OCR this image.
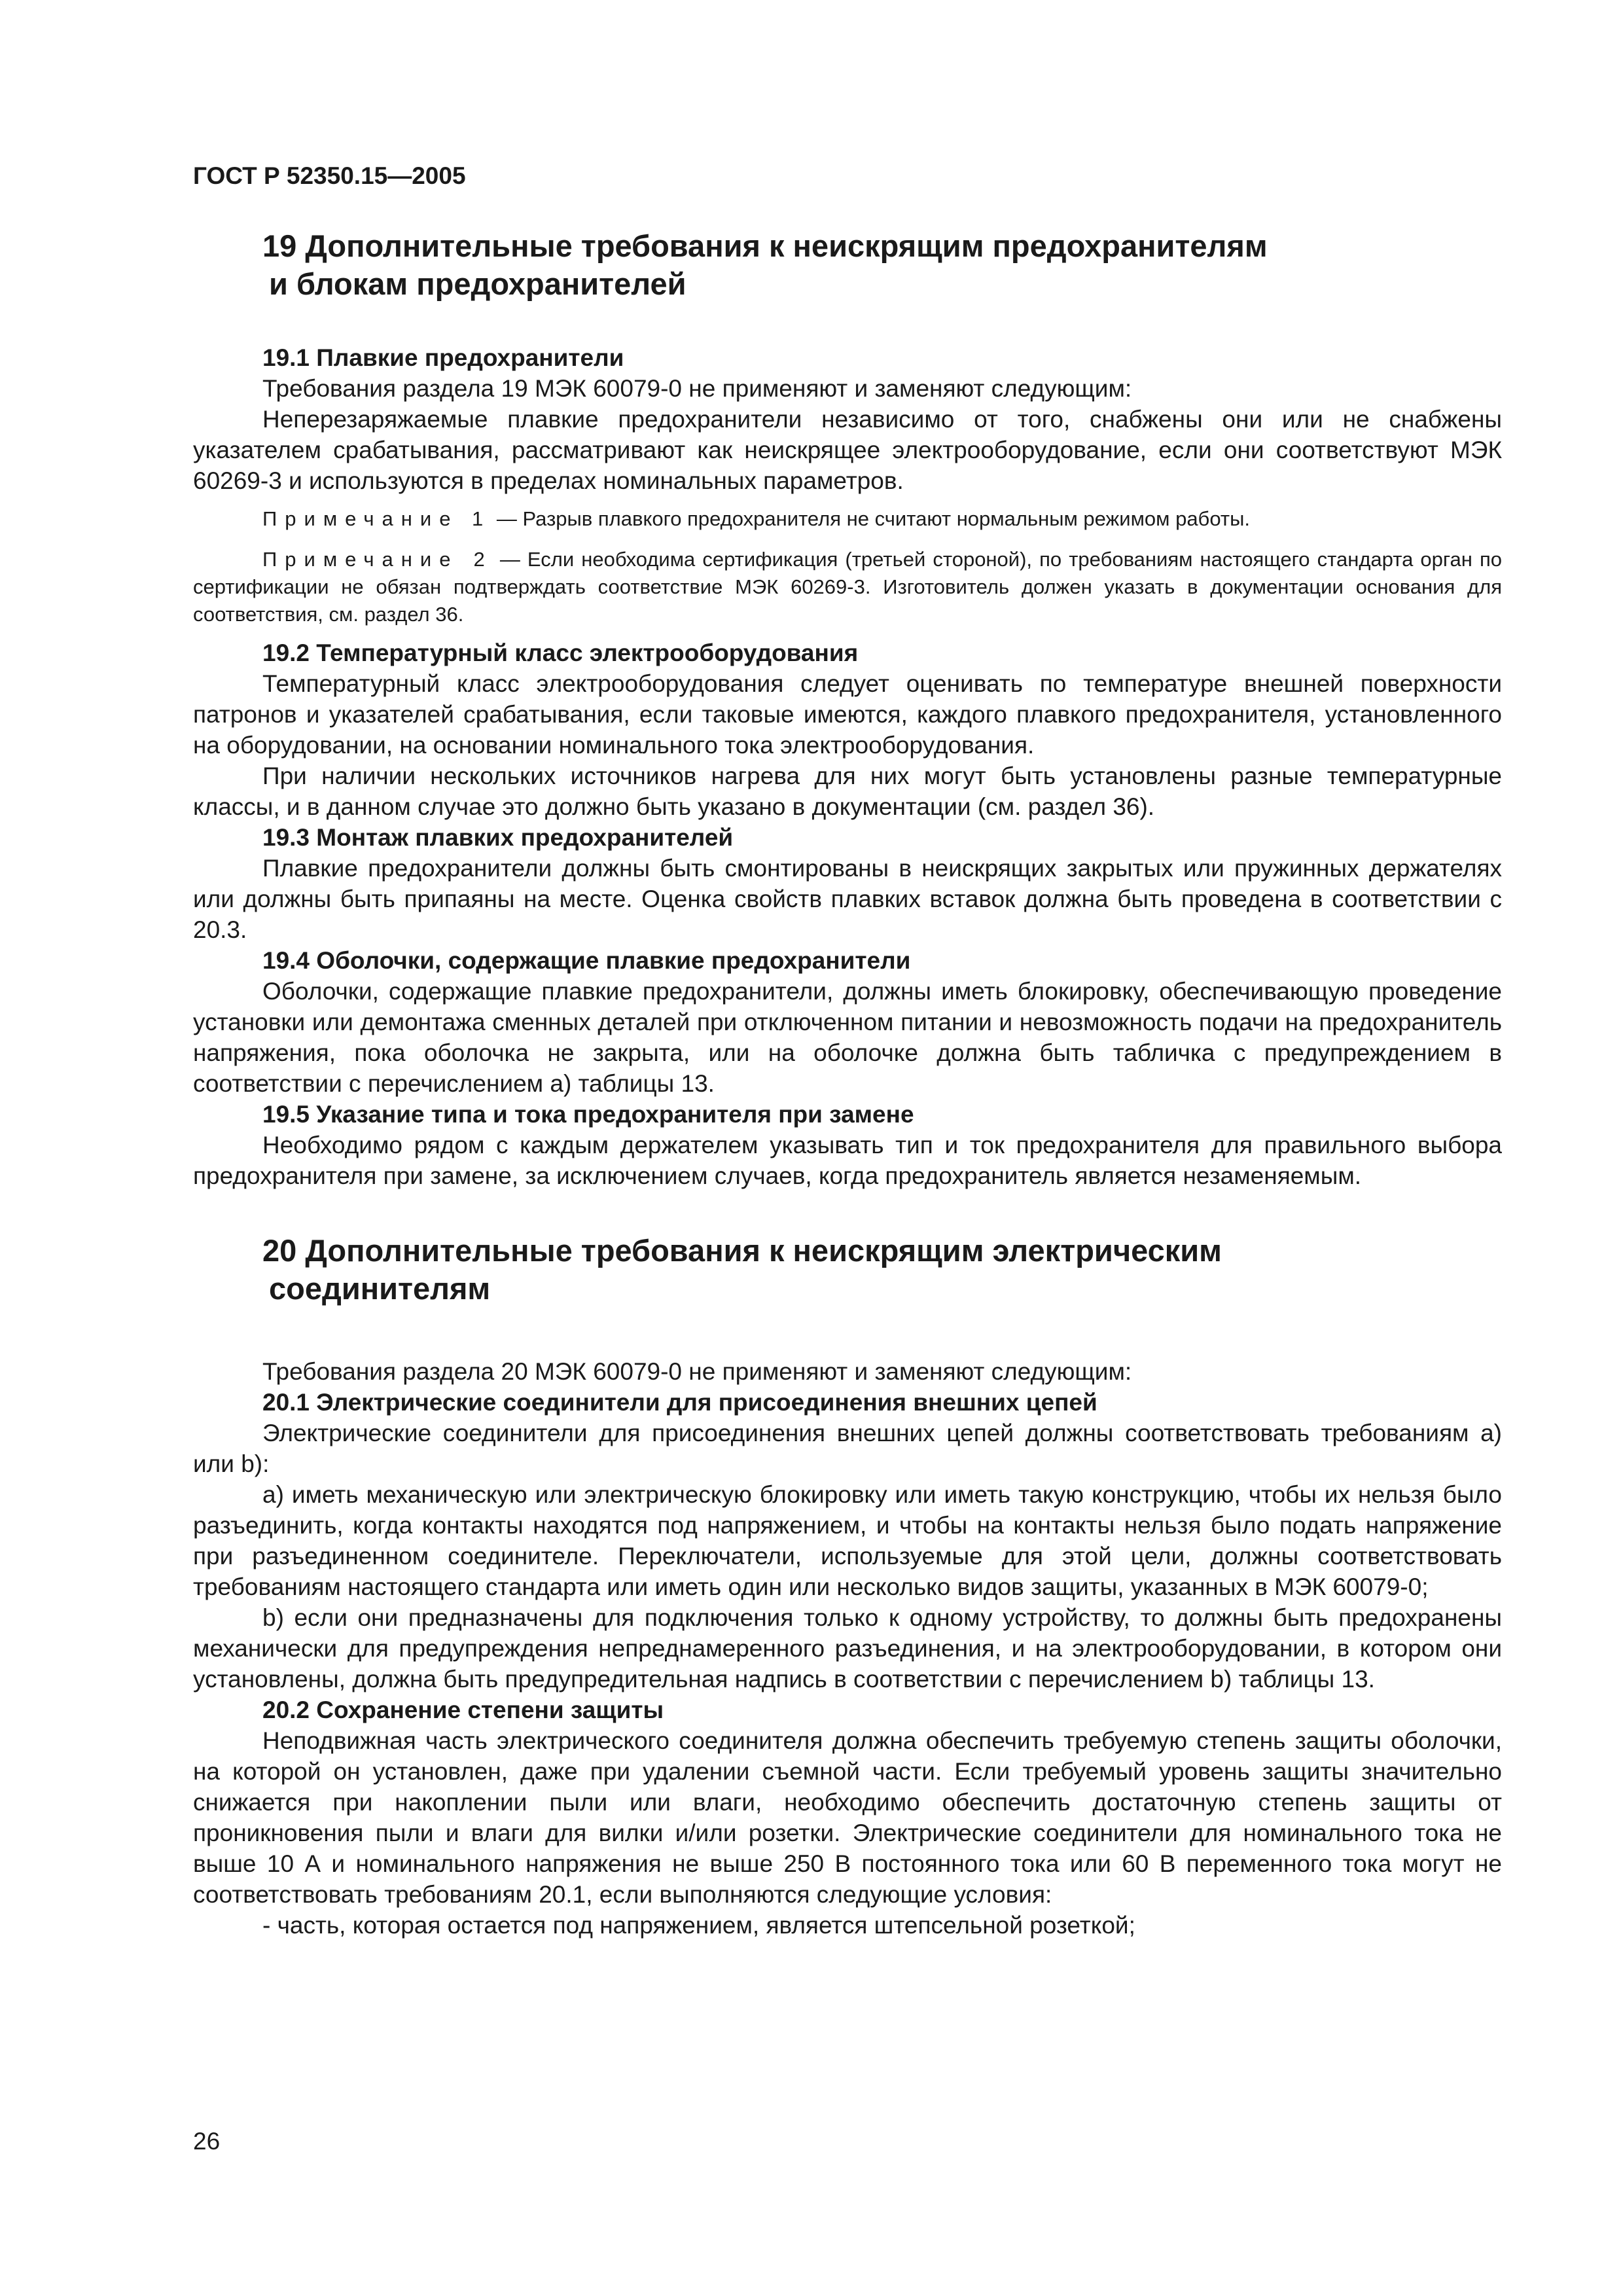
ГОСТ Р 52350.15—2005
19 Дополнительные требования к неискрящим предохранителям
и блокам предохранителей
19.1 Плавкие предохранители

Требования раздела 19 МЭК 60079-0 не применяют и заменяют следующим:

Неперезаряжаемые плавкие предохранители независимо от того, снабжены они или не снабжены указателем срабатывания, рассматривают как неискрящее электрооборудование, если они соответствуют МЭК 60269-3 и используются в пределах номинальных параметров.

Примечание 1 — Разрыв плавкого предохранителя не считают нормальным режимом работы.

Примечание 2 — Если необходима сертификация (третьей стороной), по требованиям настоящего стандарта орган по сертификации не обязан подтверждать соответствие МЭК 60269-3. Изготовитель должен указать в документации основания для соответствия, см. раздел 36.

19.2 Температурный класс электрооборудования

Температурный класс электрооборудования следует оценивать по температуре внешней поверхности патронов и указателей срабатывания, если таковые имеются, каждого плавкого предохранителя, установленного на оборудовании, на основании номинального тока электрооборудования.

При наличии нескольких источников нагрева для них могут быть установлены разные температурные классы, и в данном случае это должно быть указано в документации (см. раздел 36).

19.3 Монтаж плавких предохранителей

Плавкие предохранители должны быть смонтированы в неискрящих закрытых или пружинных держателях или должны быть припаяны на месте. Оценка свойств плавких вставок должна быть проведена в соответствии с 20.3.

19.4 Оболочки, содержащие плавкие предохранители

Оболочки, содержащие плавкие предохранители, должны иметь блокировку, обеспечивающую проведение установки или демонтажа сменных деталей при отключенном питании и невозможность подачи на предохранитель напряжения, пока оболочка не закрыта, или на оболочке должна быть табличка с предупреждением в соответствии с перечислением a) таблицы 13.

19.5 Указание типа и тока предохранителя при замене

Необходимо рядом с каждым держателем указывать тип и ток предохранителя для правильного выбора предохранителя при замене, за исключением случаев, когда предохранитель является незаменяемым.

20 Дополнительные требования к неискрящим электрическим
соединителям

Требования раздела 20 МЭК 60079-0 не применяют и заменяют следующим:

20.1 Электрические соединители для присоединения внешних цепей

Электрические соединители для присоединения внешних цепей должны соответствовать требованиям a) или b):

a) иметь механическую или электрическую блокировку или иметь такую конструкцию, чтобы их нельзя было разъединить, когда контакты находятся под напряжением, и чтобы на контакты нельзя было подать напряжение при разъединенном соединителе. Переключатели, используемые для этой цели, должны соответствовать требованиям настоящего стандарта или иметь один или несколько видов защиты, указанных в МЭК 60079-0;

b) если они предназначены для подключения только к одному устройству, то должны быть предохранены механически для предупреждения непреднамеренного разъединения, и на электрооборудовании, в котором они установлены, должна быть предупредительная надпись в соответствии с перечислением b) таблицы 13.

20.2 Сохранение степени защиты

Неподвижная часть электрического соединителя должна обеспечить требуемую степень защиты оболочки, на которой он установлен, даже при удалении съемной части. Если требуемый уровень защиты значительно снижается при накоплении пыли или влаги, необходимо обеспечить достаточную степень защиты от проникновения пыли и влаги для вилки и/или розетки. Электрические соединители для номинального тока не выше 10 А и номинального напряжения не выше 250 В постоянного тока или 60 В переменного тока могут не соответствовать требованиям 20.1, если выполняются следующие условия:

- часть, которая остается под напряжением, является штепсельной розеткой;

26
